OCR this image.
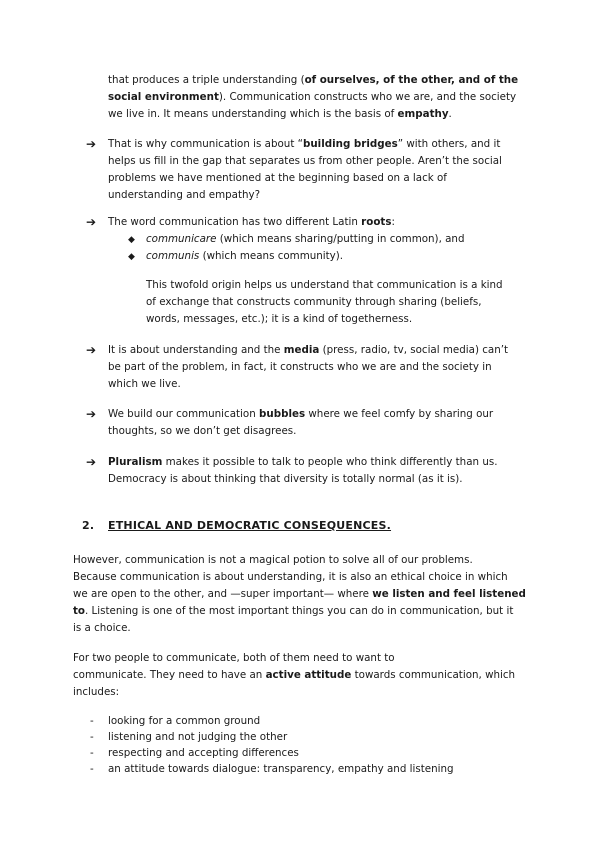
that produces a triple understanding (of ourselves, of the other, and of the
social environment). Communication constructs who we are, and the society
we live in. It means understanding which is the basis of empathy.
➔ That is why communication is about “building bridges” with others, and it
helps us fill in the gap that separates us from other people. Aren’t the social
problems we have mentioned at the beginning based on a lack of
understanding and empathy?
➔ The word communication has two different Latin roots:
◆ communicare (which means sharing/putting in common), and
◆ communis (which means community).
This twofold origin helps us understand that communication is a kind
of exchange that constructs community through sharing (beliefs,
words, messages, etc.); it is a kind of togetherness.
➔ It is about understanding and the media (press, radio, tv, social media) can’t
be part of the problem, in fact, it constructs who we are and the society in
which we live.
➔ We build our communication bubbles where we feel comfy by sharing our
thoughts, so we don’t get disagrees.
➔ Pluralism makes it possible to talk to people who think differently than us.
Democracy is about thinking that diversity is totally normal (as it is).
2. ETHICAL AND DEMOCRATIC CONSEQUENCES.
However, communication is not a magical potion to solve all of our problems.
Because communication is about understanding, it is also an ethical choice in which
we are open to the other, and —super important— where we listen and feel listened
to. Listening is one of the most important things you can do in communication, but it
is a choice.
For two people to communicate, both of them need to want to
communicate. They need to have an active attitude towards communication, which
includes:
- looking for a common ground
- listening and not judging the other
- respecting and accepting differences
- an attitude towards dialogue: transparency, empathy and listening
